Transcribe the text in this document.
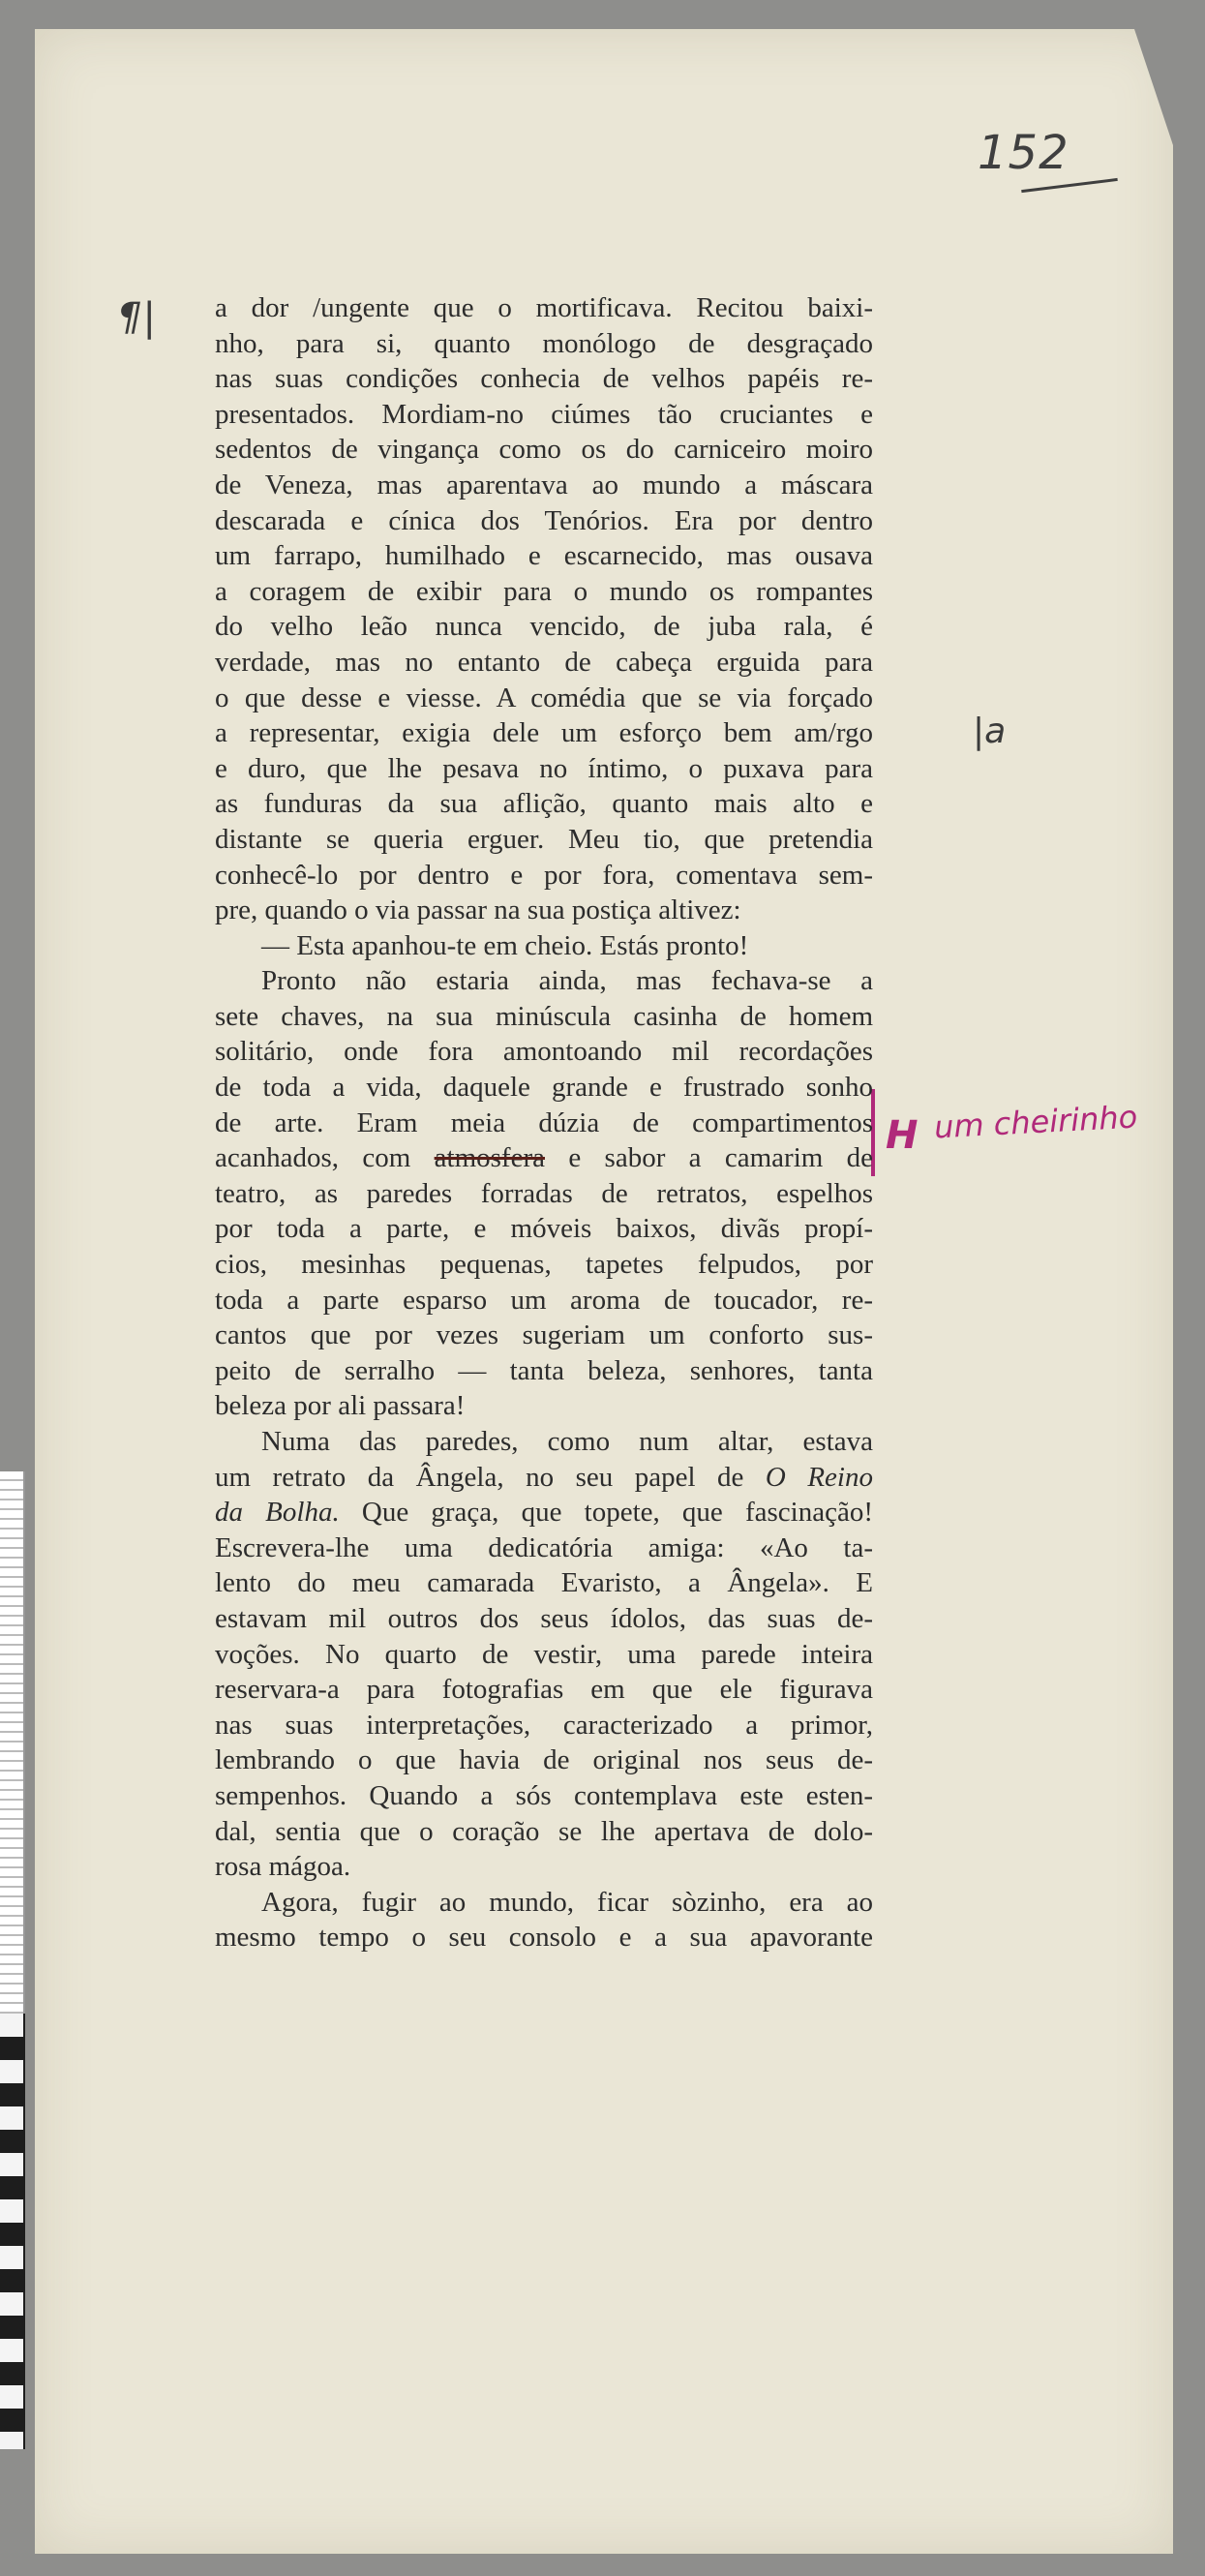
152
¶|
|a
H um cheirinho
a dor /ungente que o mortificava. Recitou baixi-
nho, para si, quanto monólogo de desgraçado
nas suas condições conhecia de velhos papéis re-
presentados. Mordiam-no ciúmes tão cruciantes e
sedentos de vingança como os do carniceiro moiro
de Veneza, mas aparentava ao mundo a máscara
descarada e cínica dos Tenórios. Era por dentro
um farrapo, humilhado e escarnecido, mas ousava
a coragem de exibir para o mundo os rompantes
do velho leão nunca vencido, de juba rala, é
verdade, mas no entanto de cabeça erguida para
o que desse e viesse. A comédia que se via forçado
a representar, exigia dele um esforço bem am/rgo
e duro, que lhe pesava no íntimo, o puxava para
as funduras da sua aflição, quanto mais alto e
distante se queria erguer. Meu tio, que pretendia
conhecê-lo por dentro e por fora, comentava sem-
pre, quando o via passar na sua postiça altivez:
— Esta apanhou-te em cheio. Estás pronto!
Pronto não estaria ainda, mas fechava-se a
sete chaves, na sua minúscula casinha de homem
solitário, onde fora amontoando mil recordações
de toda a vida, daquele grande e frustrado sonho
de arte. Eram meia dúzia de compartimentos
acanhados, com atmosfera e sabor a camarim de
teatro, as paredes forradas de retratos, espelhos
por toda a parte, e móveis baixos, divãs propí-
cios, mesinhas pequenas, tapetes felpudos, por
toda a parte esparso um aroma de toucador, re-
cantos que por vezes sugeriam um conforto sus-
peito de serralho — tanta beleza, senhores, tanta
beleza por ali passara!
Numa das paredes, como num altar, estava
um retrato da Ângela, no seu papel de O Reino
da Bolha. Que graça, que topete, que fascinação!
Escrevera-lhe uma dedicatória amiga: «Ao ta-
lento do meu camarada Evaristo, a Ângela». E
estavam mil outros dos seus ídolos, das suas de-
voções. No quarto de vestir, uma parede inteira
reservara-a para fotografias em que ele figurava
nas suas interpretações, caracterizado a primor,
lembrando o que havia de original nos seus de-
sempenhos. Quando a sós contemplava este esten-
dal, sentia que o coração se lhe apertava de dolo-
rosa mágoa.
Agora, fugir ao mundo, ficar sòzinho, era ao
mesmo tempo o seu consolo e a sua apavorante
